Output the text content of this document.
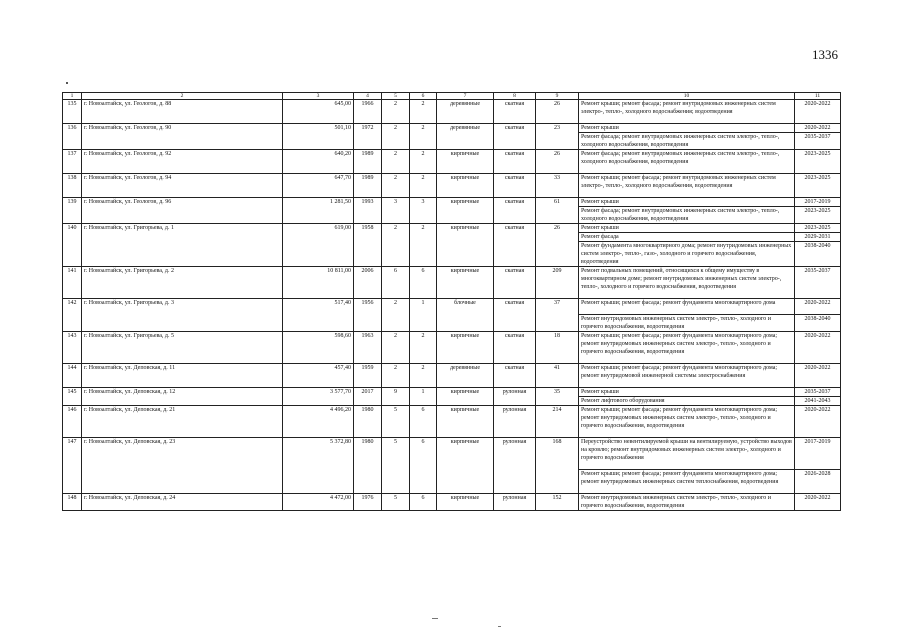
1336
1	2	3	4	5	6	7	8	9	10	11
135	г. Новоалтайск, ул. Геологов, д. 88	645,00	1966	2	2	деревянные	скатная	26	Ремонт крыши; ремонт фасада; ремонт внутридомовых инженерных систем электро-, тепло-, холодного водоснабжения; водоотведения	2020-2022
136	г. Новоалтайск, ул. Геологов, д. 90	501,10	1972	2	2	деревянные	скатная	23	Ремонт крыши	2020-2022
									Ремонт фасада; ремонт внутридомовых инженерных систем электро-, тепло-, холодного водоснабжения, водоотведения	2035-2037
137	г. Новоалтайск, ул. Геологов, д. 92	640,20	1989	2	2	кирпичные	скатная	26	Ремонт фасада; ремонт внутридомовых инженерных систем электро-, тепло-, холодного водоснабжения, водоотведения	2023-2025
138	г. Новоалтайск, ул. Геологов, д. 94	647,70	1989	2	2	кирпичные	скатная	33	Ремонт крыши; ремонт фасада; ремонт внутридомовых инженерных систем электро-, тепло-, холодного водоснабжения, водоотведения	2023-2025
139	г. Новоалтайск, ул. Геологов, д. 96	1 281,50	1993	3	3	кирпичные	скатная	61	Ремонт крыши	2017-2019
									Ремонт фасада; ремонт внутридомовых инженерных систем электро-, тепло-, холодного водоснабжения, водоотведения	2023-2025
140	г. Новоалтайск, ул. Григорьева, д. 1	619,00	1958	2	2	кирпичные	скатная	26	Ремонт крыши	2023-2025
									Ремонт фасада	2029-2031
									Ремонт фундамента многоквартирного дома; ремонт внутридомовых инженерных систем электро-, тепло-, газо-, холодного и горячего водоснабжения, водоотведения	2038-2040
141	г. Новоалтайск, ул. Григорьева, д. 2	10 811,00	2006	6	6	кирпичные	скатная	209	Ремонт подвальных помещений, относящихся к общему имуществу в многоквартирном доме; ремонт внутридомовых инженерных систем электро-, тепло-, холодного и горячего водоснабжения, водоотведения	2035-2037
142	г. Новоалтайск, ул. Григорьева, д. 3	517,40	1956	2	1	блочные	скатная	37	Ремонт крыши; ремонт фасада; ремонт фундамента многоквартирного дома	2020-2022
									Ремонт внутридомовых инженерных систем электро-, тепло-, холодного и горячего водоснабжения, водоотведения	2038-2040
143	г. Новоалтайск, ул. Григорьева, д. 5	598,60	1963	2	2	кирпичные	скатная	18	Ремонт крыши; ремонт фасада; ремонт фундамента многоквартирного дома; ремонт внутридомовых инженерных систем электро-, тепло-, холодного и горячего водоснабжения, водоотведения	2020-2022
144	г. Новоалтайск, ул. Деповская, д. 11	457,40	1959	2	2	деревянные	скатная	41	Ремонт крыши; ремонт фасада; ремонт фундамента многоквартирного дома; ремонт внутридомовой инженерной системы электроснабжения	2020-2022
145	г. Новоалтайск, ул. Деповская, д. 12	3 577,70	2017	9	1	кирпичные	рулонная	35	Ремонт крыши	2035-2037
									Ремонт лифтового оборудования	2041-2043
146	г. Новоалтайск, ул. Деповская, д. 21	4 496,20	1980	5	6	кирпичные	рулонная	214	Ремонт крыши; ремонт фасада; ремонт фундамента многоквартирного дома; ремонт внутридомовых инженерных систем электро-, тепло-, холодного и горячего водоснабжения, водоотведения	2020-2022
147	г. Новоалтайск, ул. Деповская, д. 23	5 372,80	1980	5	6	кирпичные	рулонная	168	Переустройство невентилируемой крыши на вентилируемую, устройство выходов на кровлю; ремонт внутридомовых инженерных систем электро-, холодного и горячего водоснабжения	2017-2019
									Ремонт крыши; ремонт фасада; ремонт фундамента многоквартирного дома; ремонт внутридомовых инженерных систем теплоснабжения, водоотведения	2026-2028
148	г. Новоалтайск, ул. Деповская, д. 24	4 472,00	1976	5	6	кирпичные	рулонная	152	Ремонт внутридомовых инженерных систем электро-, тепло-, холодного и горячего водоснабжения, водоотведения	2020-2022
